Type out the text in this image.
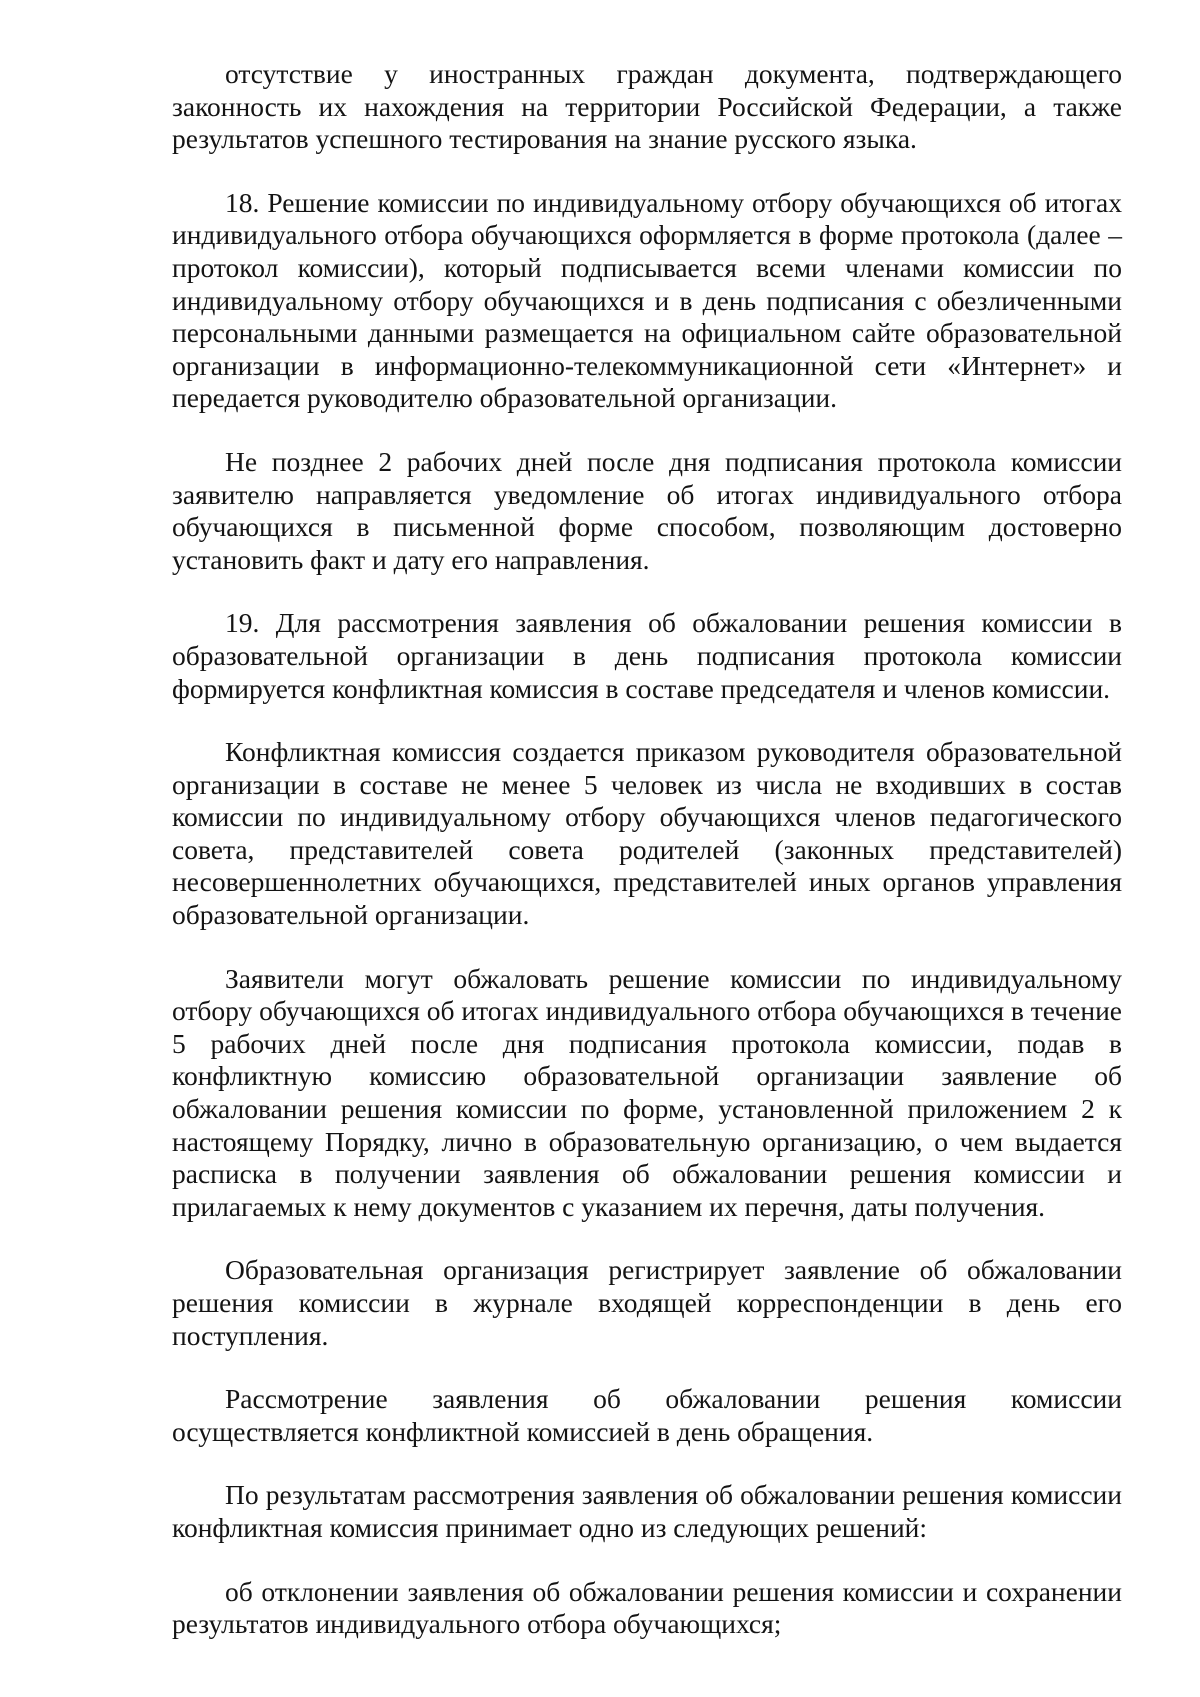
отсутствие у иностранных граждан документа, подтверждающего законность их нахождения на территории Российской Федерации, а также результатов успешного тестирования на знание русского языка.

18. Решение комиссии по индивидуальному отбору обучающихся об итогах индивидуального отбора обучающихся оформляется в форме протокола (далее – протокол комиссии), который подписывается всеми членами комиссии по индивидуальному отбору обучающихся и в день подписания с обезличенными персональными данными размещается на официальном сайте образовательной организации в информационно-телекоммуникационной сети «Интернет» и передается руководителю образовательной организации.

Не позднее 2 рабочих дней после дня подписания протокола комиссии заявителю направляется уведомление об итогах индивидуального отбора обучающихся в письменной форме способом, позволяющим достоверно установить факт и дату его направления.

19. Для рассмотрения заявления об обжаловании решения комиссии в образовательной организации в день подписания протокола комиссии формируется конфликтная комиссия в составе председателя и членов комиссии.

Конфликтная комиссия создается приказом руководителя образовательной организации в составе не менее 5 человек из числа не входивших в состав комиссии по индивидуальному отбору обучающихся членов педагогического совета, представителей совета родителей (законных представителей) несовершеннолетних обучающихся, представителей иных органов управления образовательной организации.

Заявители могут обжаловать решение комиссии по индивидуальному отбору обучающихся об итогах индивидуального отбора обучающихся в течение 5 рабочих дней после дня подписания протокола комиссии, подав в конфликтную комиссию образовательной организации заявление об обжаловании решения комиссии по форме, установленной приложением 2 к настоящему Порядку, лично в образовательную организацию, о чем выдается расписка в получении заявления об обжаловании решения комиссии и прилагаемых к нему документов с указанием их перечня, даты получения.

Образовательная организация регистрирует заявление об обжаловании решения комиссии в журнале входящей корреспонденции в день его поступления.

Рассмотрение заявления об обжаловании решения комиссии осуществляется конфликтной комиссией в день обращения.

По результатам рассмотрения заявления об обжаловании решения комиссии конфликтная комиссия принимает одно из следующих решений:

об отклонении заявления об обжаловании решения комиссии и сохранении результатов индивидуального отбора обучающихся;
